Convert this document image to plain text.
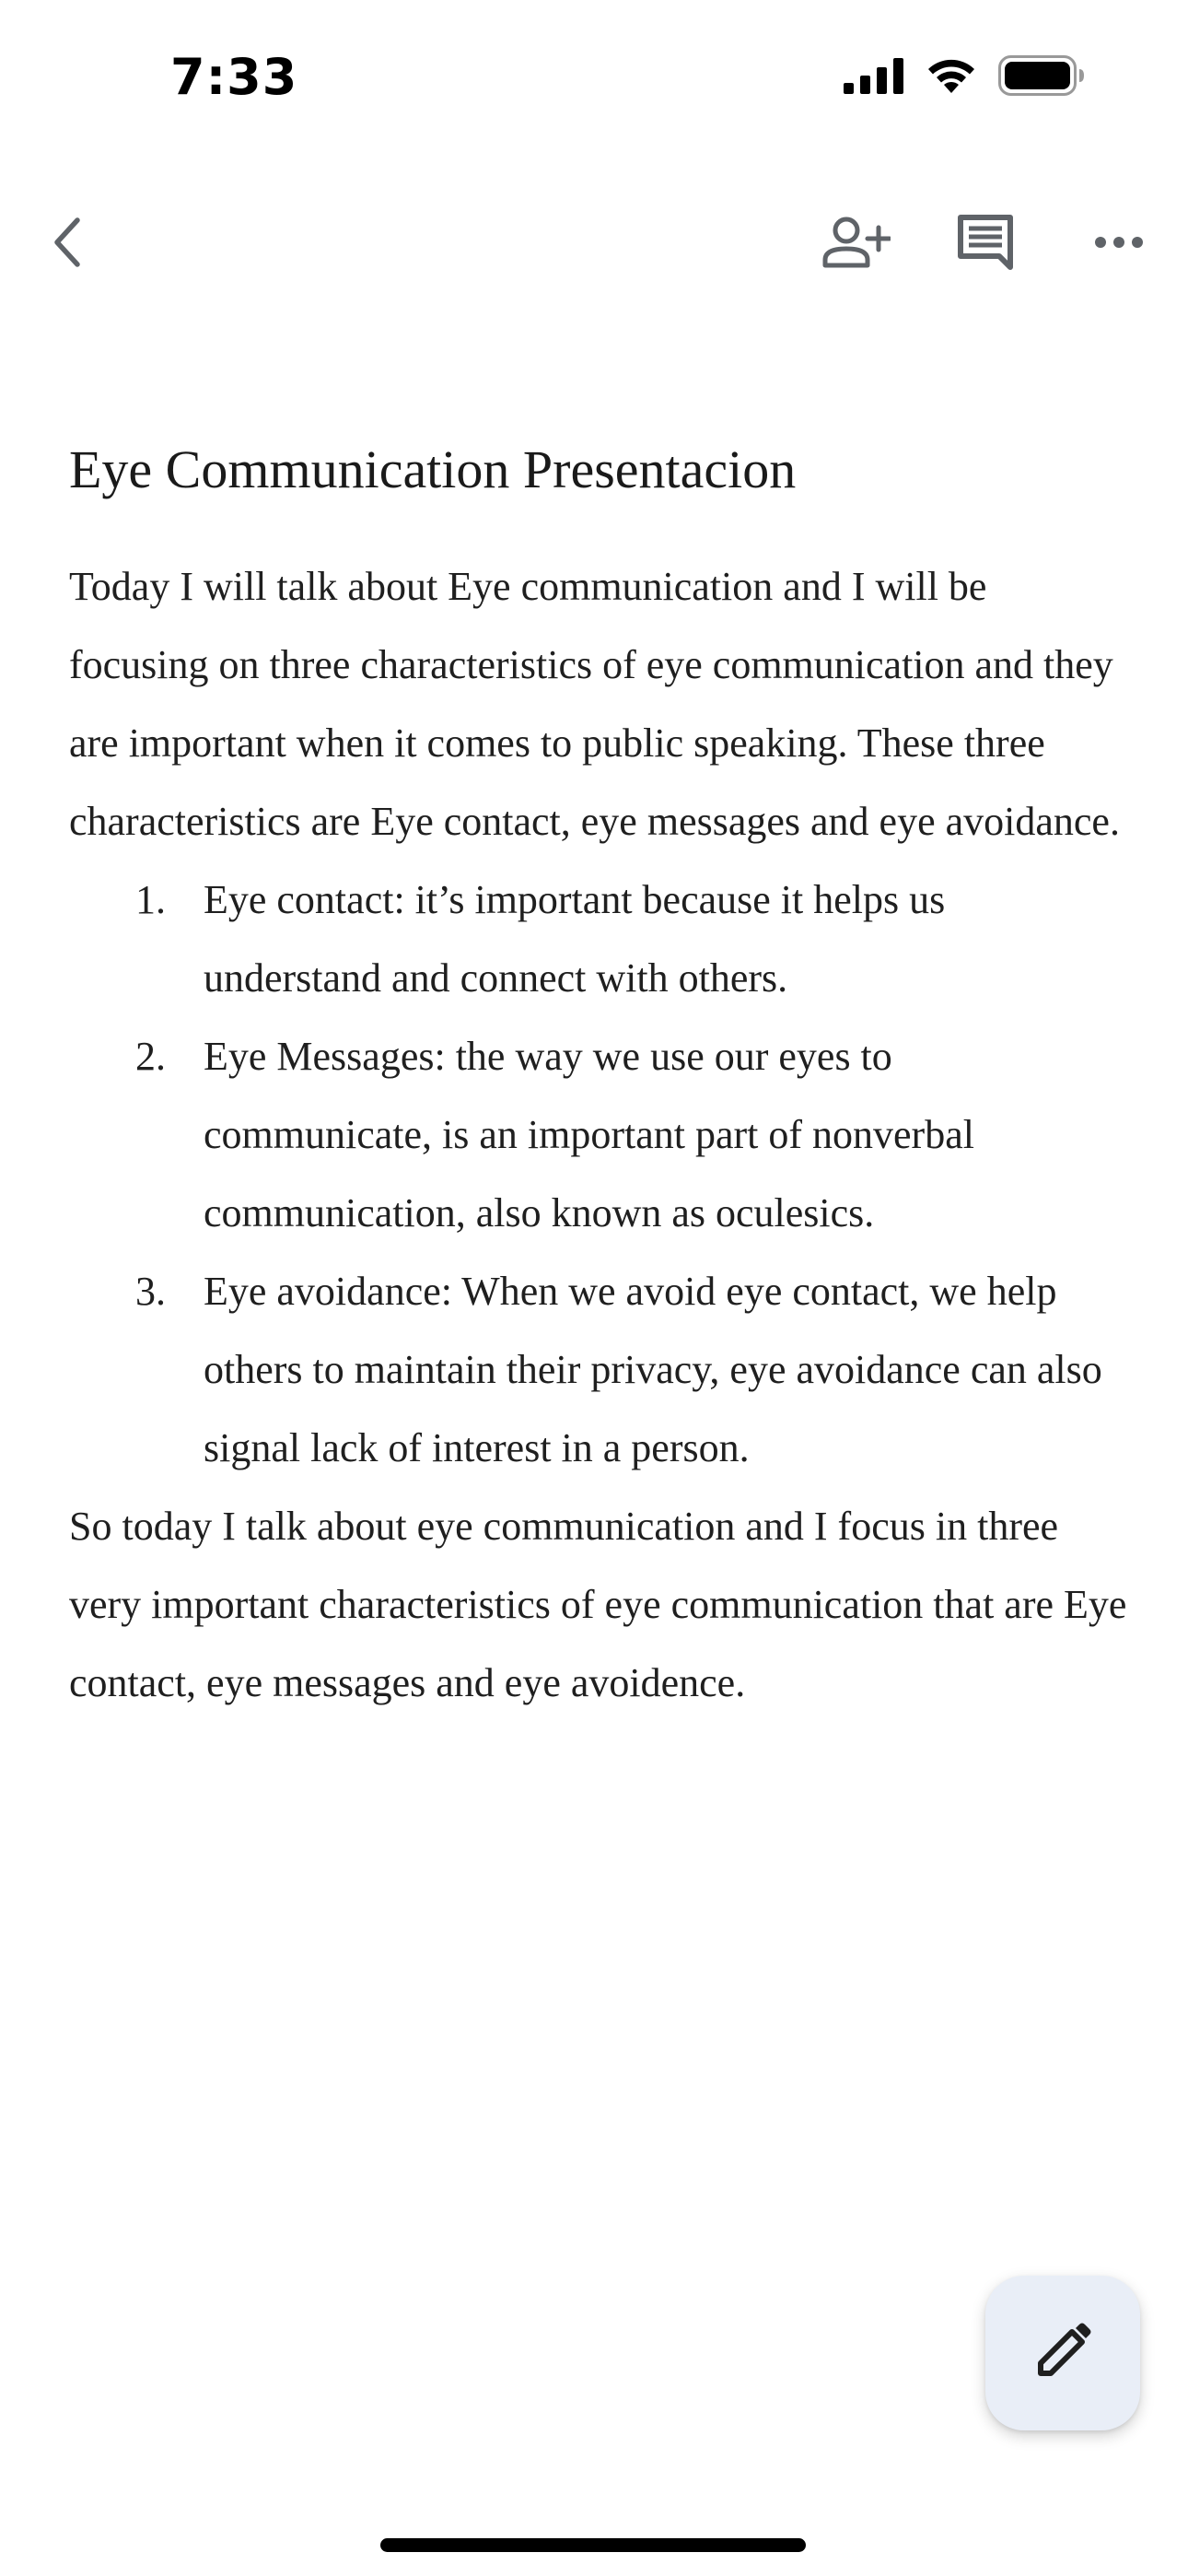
7:33
Eye Communication Presentacion

Today I will talk about Eye communication and I will be focusing on three characteristics of eye communication and they are important when it comes to public speaking. These three characteristics are Eye contact, eye messages and eye avoidance.

1. Eye contact: it’s important because it helps us understand and connect with others.
2. Eye Messages: the way we use our eyes to communicate, is an important part of nonverbal communication, also known as oculesics.
3. Eye avoidance: When we avoid eye contact, we help others to maintain their privacy, eye avoidance can also signal lack of interest in a person.

So today I talk about eye communication and I focus in three very important characteristics of eye communication that are Eye contact, eye messages and eye avoidence.
